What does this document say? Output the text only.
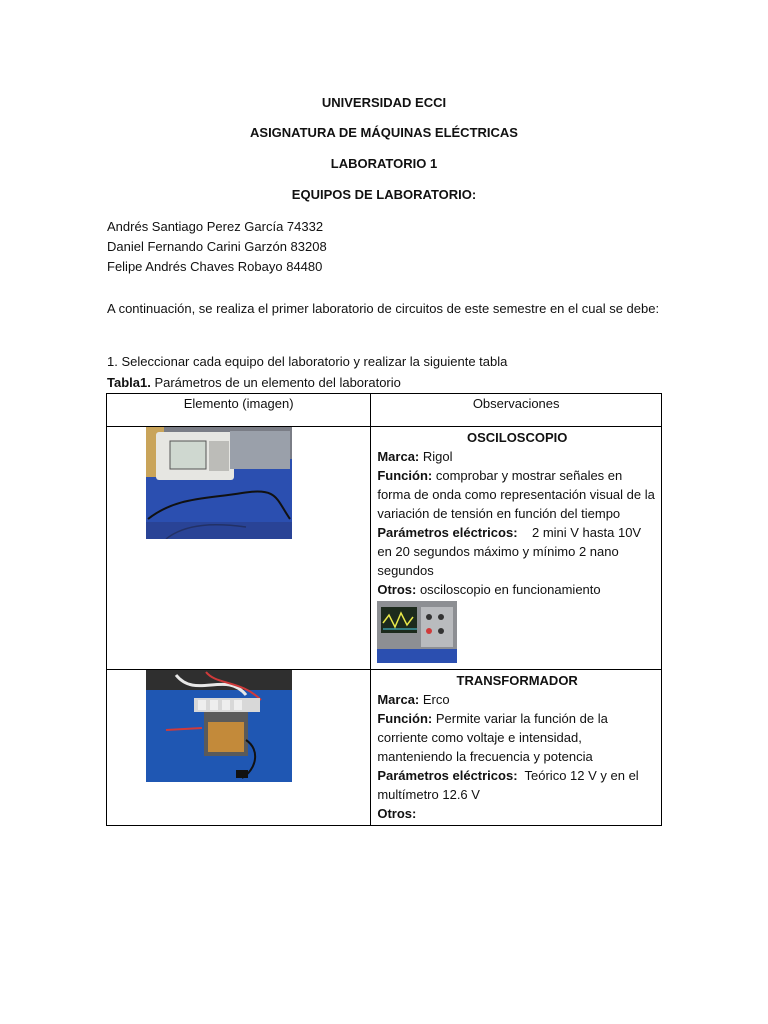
UNIVERSIDAD ECCI
ASIGNATURA DE MÁQUINAS ELÉCTRICAS
LABORATORIO 1
EQUIPOS DE LABORATORIO:
Andrés Santiago Perez García 74332
Daniel Fernando Carini Garzón 83208
Felipe Andrés Chaves Robayo 84480
A continuación, se realiza el primer laboratorio de circuitos de este semestre en el cual se debe:
1. Seleccionar cada equipo del laboratorio y realizar la siguiente tabla
Tabla1. Parámetros de un elemento del laboratorio
Elemento (imagen)	Observaciones

OSCILOSCOPIO
Marca: Rigol
Función: comprobar y mostrar señales en forma de onda como representación visual de la variación de tensión en función del tiempo
Parámetros eléctricos:    2 mini V hasta 10V en 20 segundos máximo y mínimo 2 nano segundos
Otros: osciloscopio en funcionamiento

TRANSFORMADOR
Marca: Erco
Función: Permite variar la función de la corriente como voltaje e intensidad, manteniendo la frecuencia y potencia
Parámetros eléctricos:  Teórico 12 V y en el multímetro 12.6 V
Otros:
